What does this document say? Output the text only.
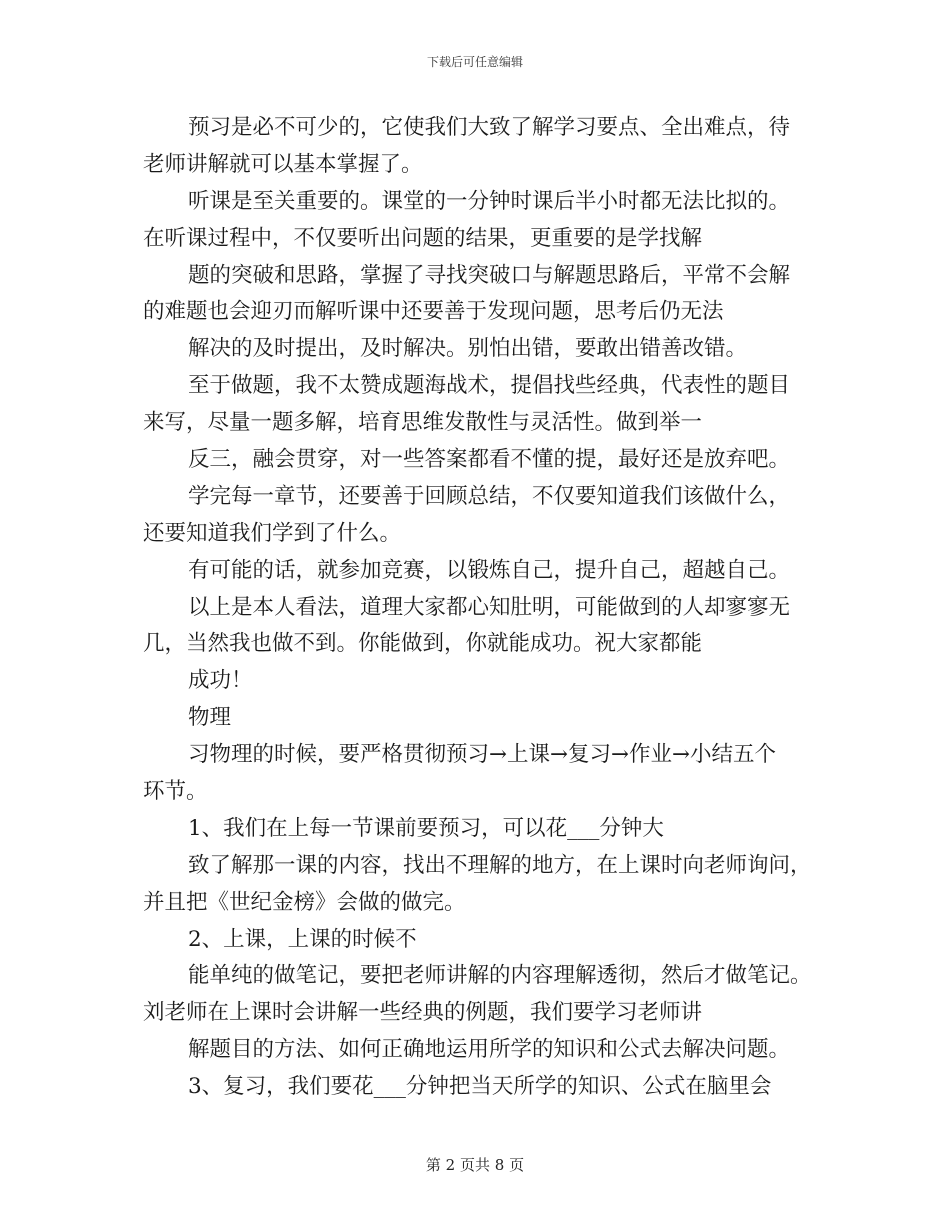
下载后可任意编辑
预习是必不可少的，它使我们大致了解学习要点、全出难点，待
老师讲解就可以基本掌握了。
听课是至关重要的。课堂的一分钟时课后半小时都无法比拟的。
在听课过程中，不仅要听出问题的结果，更重要的是学找解
题的突破和思路，掌握了寻找突破口与解题思路后，平常不会解
的难题也会迎刃而解听课中还要善于发现问题，思考后仍无法
解决的及时提出，及时解决。别怕出错，要敢出错善改错。
至于做题，我不太赞成题海战术，提倡找些经典，代表性的题目
来写，尽量一题多解，培育思维发散性与灵活性。做到举一
反三，融会贯穿，对一些答案都看不懂的提，最好还是放弃吧。
学完每一章节，还要善于回顾总结，不仅要知道我们该做什么，
还要知道我们学到了什么。
有可能的话，就参加竞赛，以锻炼自己，提升自己，超越自己。
以上是本人看法，道理大家都心知肚明，可能做到的人却寥寥无
几，当然我也做不到。你能做到，你就能成功。祝大家都能
成功！
物理
习物理的时候，要严格贯彻预习→上课→复习→作业→小结五个
环节。
1、我们在上每一节课前要预习，可以花___分钟大
致了解那一课的内容，找出不理解的地方，在上课时向老师询问，
并且把《世纪金榜》会做的做完。
2、上课，上课的时候不
能单纯的做笔记，要把老师讲解的内容理解透彻，然后才做笔记。
刘老师在上课时会讲解一些经典的例题，我们要学习老师讲
解题目的方法、如何正确地运用所学的知识和公式去解决问题。
3、复习，我们要花___分钟把当天所学的知识、公式在脑里会
第 2 页共 8 页
